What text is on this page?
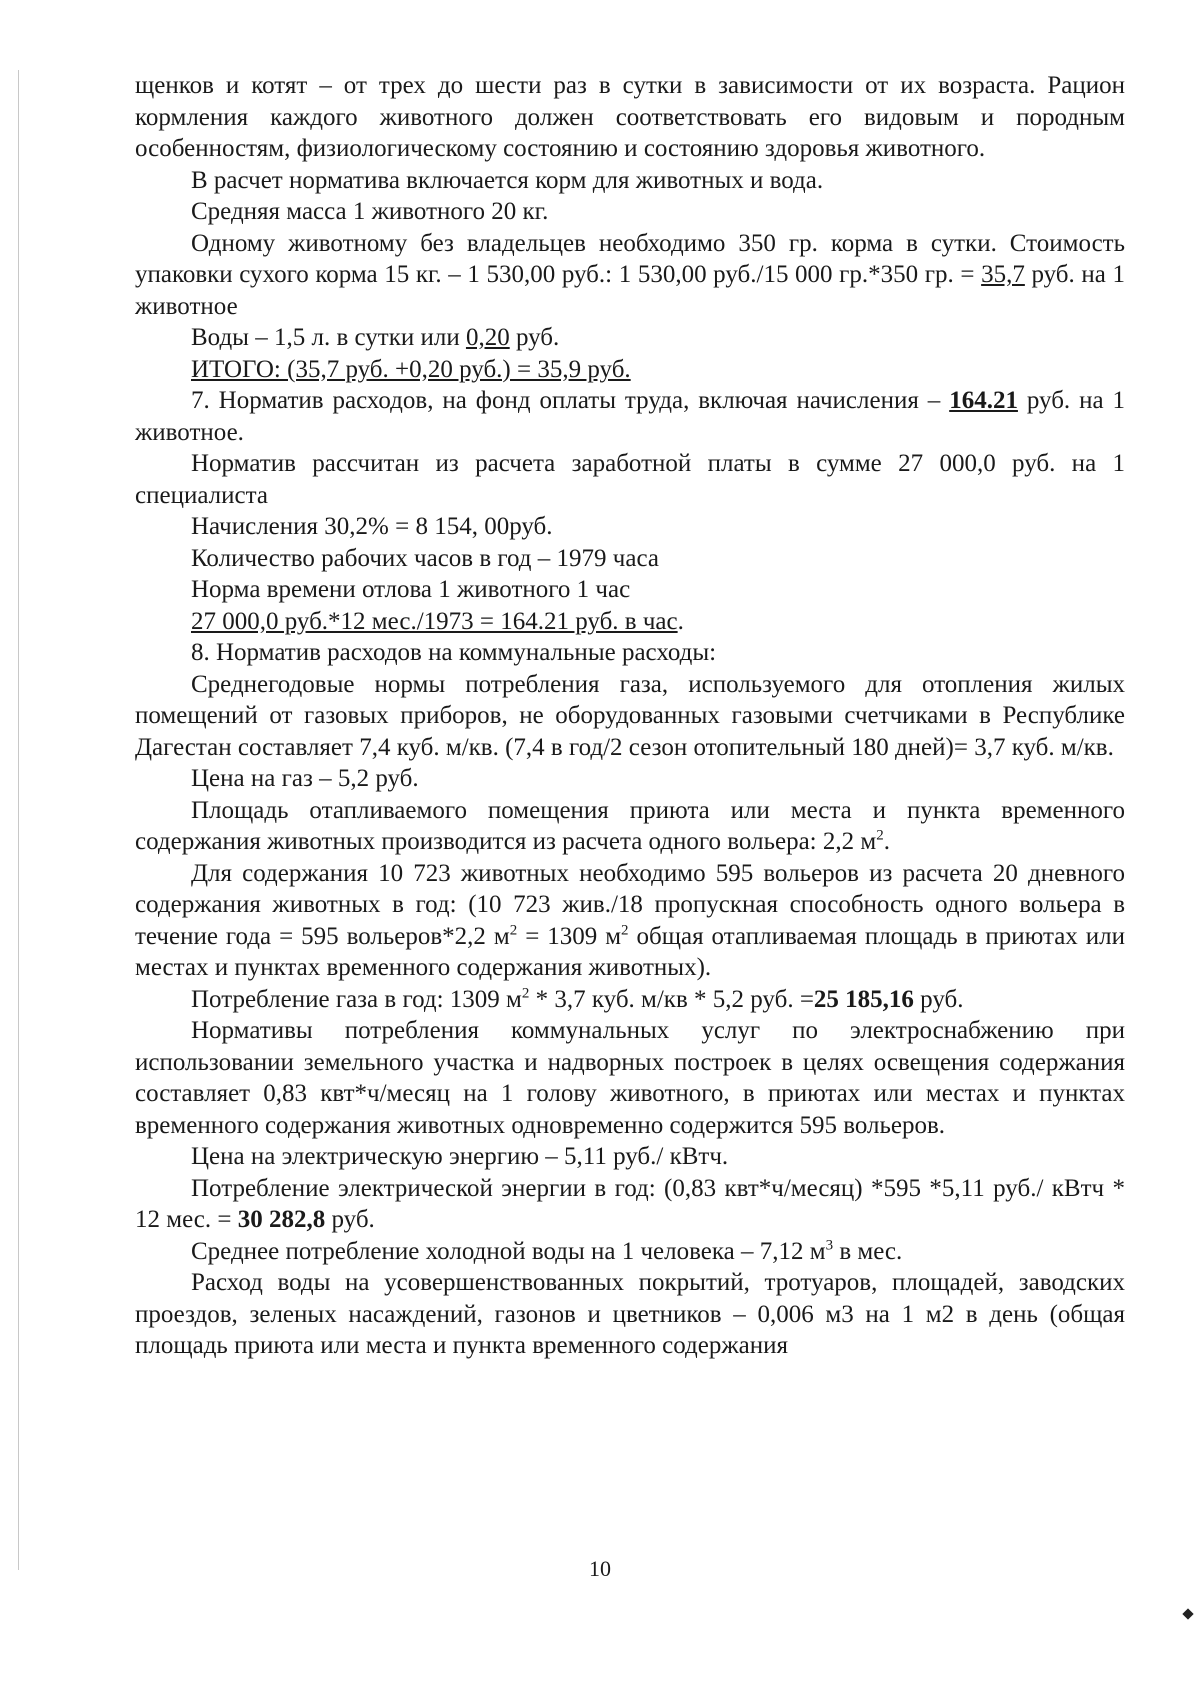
щенков и котят – от трех до шести раз в сутки в зависимости от их возраста. Рацион кормления каждого животного должен соответствовать его видовым и породным особенностям, физиологическому состоянию и состоянию здоровья животного.

В расчет норматива включается корм для животных и вода.

Средняя масса 1 животного 20 кг.

Одному животному без владельцев необходимо 350 гр. корма в сутки. Стоимость упаковки сухого корма 15 кг. – 1 530,00 руб.: 1 530,00 руб./15 000 гр.*350 гр. = 35,7 руб. на 1 животное

Воды – 1,5 л. в сутки или 0,20 руб.

ИТОГО: (35,7 руб. +0,20 руб.) = 35,9 руб.

7. Норматив расходов, на фонд оплаты труда, включая начисления – 164.21 руб. на 1 животное.

Норматив рассчитан из расчета заработной платы в сумме 27 000,0 руб. на 1 специалиста

Начисления 30,2% = 8 154, 00руб.

Количество рабочих часов в год – 1979 часа

Норма времени отлова 1 животного 1 час

27 000,0 руб.*12 мес./1973 = 164.21 руб. в час.

8. Норматив расходов на коммунальные расходы:

Среднегодовые нормы потребления газа, используемого для отопления жилых помещений от газовых приборов, не оборудованных газовыми счетчиками в Республике Дагестан составляет 7,4 куб. м/кв. (7,4 в год/2 сезон отопительный 180 дней)= 3,7 куб. м/кв.

Цена на газ – 5,2 руб.

Площадь отапливаемого помещения приюта или места и пункта временного содержания животных производится из расчета одного вольера: 2,2 $м^2$.

Для содержания 10 723 животных необходимо 595 вольеров из расчета 20 дневного содержания животных в год: (10 723 жив./18 пропускная способность одного вольера в течение года = 595 вольеров*2,2 $м^2 = 1309$ $м^2$ общая отапливаемая площадь в приютах или местах и пунктах временного содержания животных).

Потребление газа в год: 1309 $м^2 * 3,7$ куб. м/кв * 5,2 руб. =25 185,16 руб.

Нормативы потребления коммунальных услуг по электроснабжению при использовании земельного участка и надворных построек в целях освещения содержания составляет 0,83 квт*ч/месяц на 1 голову животного, в приютах или местах и пунктах временного содержания животных одновременно содержится 595 вольеров.

Цена на электрическую энергию – 5,11 руб./ кВтч.

Потребление электрической энергии в год: (0,83 квт*ч/месяц) *595 *5,11 руб./ кВтч * 12 мес. = 30 282,8 руб.

Среднее потребление холодной воды на 1 человека – 7,12 $м^3$ в мес.

Расход воды на усовершенствованных покрытий, тротуаров, площадей, заводских проездов, зеленых насаждений, газонов и цветников – 0,006 м3 на 1 м2 в день (общая площадь приюта или места и пункта временного содержания

10
